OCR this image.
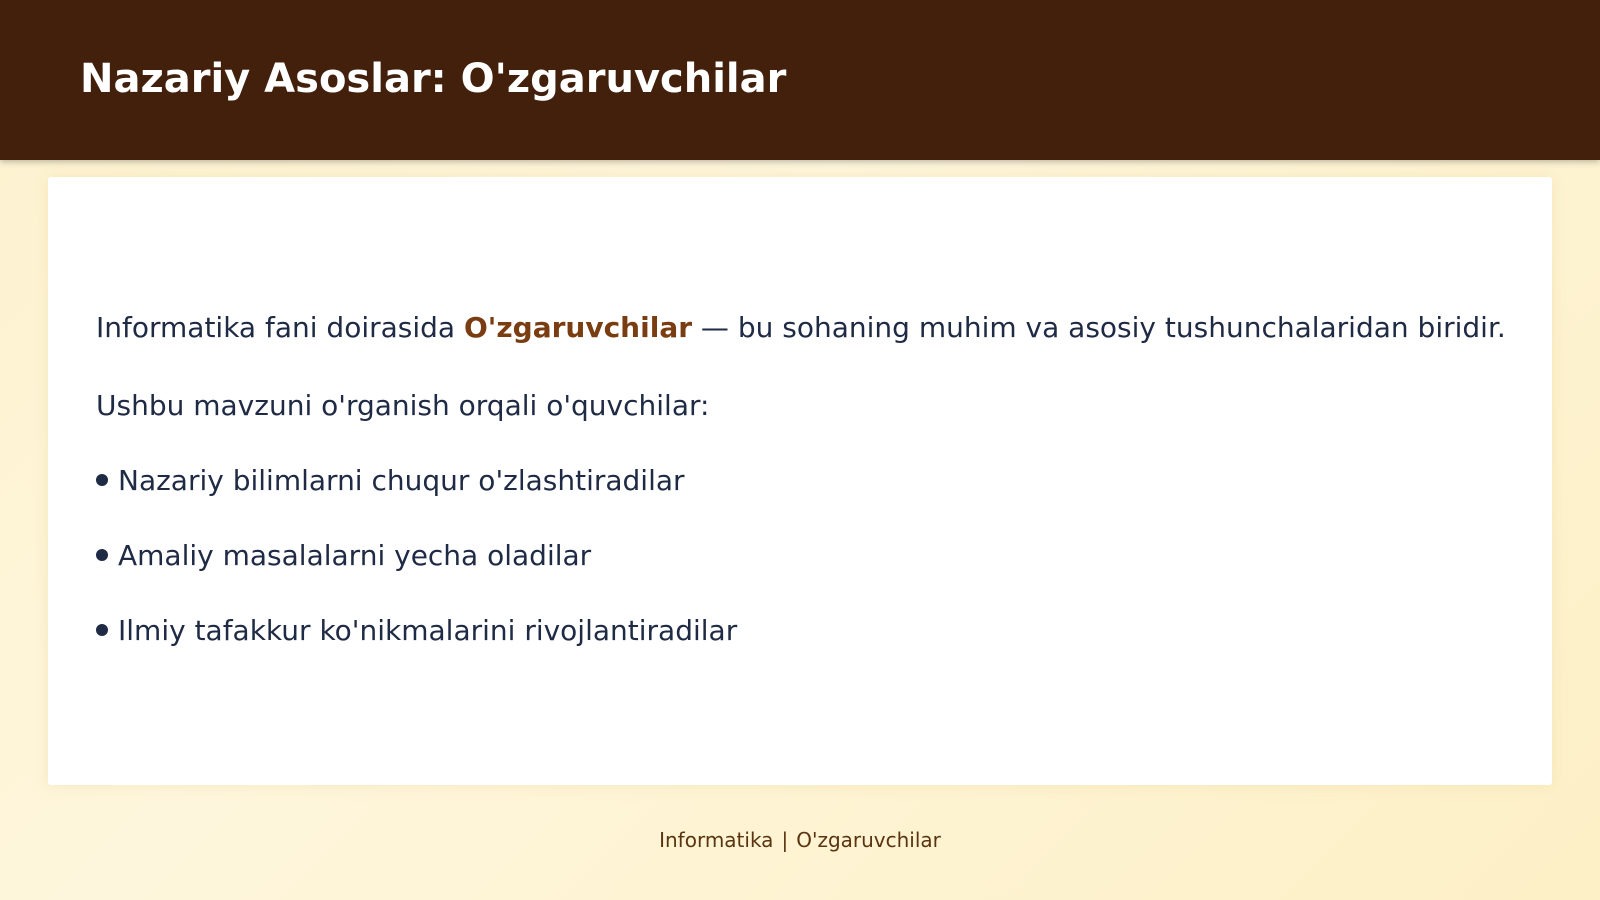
Nazariy Asoslar: O'zgaruvchilar

Informatika fani doirasida O'zgaruvchilar — bu sohaning muhim va asosiy tushunchalaridan biridir.

Ushbu mavzuni o'rganish orqali o'quvchilar:

Nazariy bilimlarni chuqur o'zlashtiradilar
Amaliy masalalarni yecha oladilar
Ilmiy tafakkur ko'nikmalarini rivojlantiradilar
Informatika | O'zgaruvchilar
